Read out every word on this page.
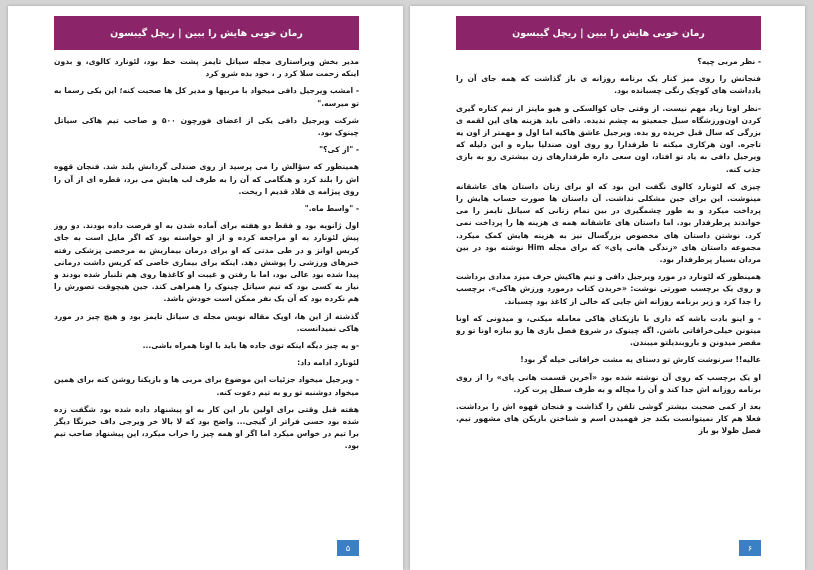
رمان خوبی هایش را ببین | ریچل گیبسون

مدیر بخش ویراستاری مجله سیاتل تایمز پشت خط بود، لئونارد کالوی، و بدون اینکه زحمت سلا کرد ر ، خود بده شرو کرد

- امشب ویرجیل دافی میخواد با مربیها و مدیر کل ها صحبت کنه؛ این یکی رسما به تو میرسه."

شرکت ویرجیل دافی یکی از اعضای فورچون ۵۰۰ و صاحب تیم هاکی سیاتل چینوک بود.

- "از کی؟"

همینطور که سؤالش را می پرسید از روی صندلی گردانش بلند شد. فنجان قهوه اش را بلند کرد و هنگامی که آن را به طرف لب هایش می برد، قطره ای از آن را روی پیژامه ی فلاد قدیم ا ریخت.

- "واسط ماه."

اول ژانویه بود و فقط دو هفته برای آماده شدن به او فرصت داده بودند. دو روز پیش لئونارد به او مراجعه کرده و از او خواسته بود که اگر مایل است به جای کریس اوانز و در طی مدتی که او برای درمان بیماریش به مرخصی پزشکی رفته خبرهای ورزشی را پوشش دهد. اینکه برای بیماری خاصی که کریس داشت درمانی پیدا شده بود عالی بود، اما با رفتن و غیبت او کاغذها روی هم تلنبار شده بودند و نیاز به کسی بود که تیم سیاتل چینوک را همراهی کند. جین هیچوقت تصورش را هم نکرده بود که آن یک نفر ممکن است خودش باشد.

گذشته از این ها، اوپک مقاله نویس مجله ی سیاتل تایمز بود و هیچ چیز در مورد هاکی نمیدانست.

-و یه چیز دیگه اینکه توی جاده ها باید با اونا همراه باشی...

لئونارد ادامه داد:

- ویرجیل میخواد جزئیات این موضوع برای مربی ها و بازیکنا روشن کنه برای همین میخواد دوشنبه تو رو به تیم دعوت کنه.

هفته قبل وقتی برای اولین بار این کار به او پیشنهاد داده شده بود شگفت زده شده بود حسی فراتر از گیجی... واضح بود که لا بالا خر ویرجی داف خبرنگا دیگر برا تیم در خواس میکرد اما اگر او همه چیز را خراب میکرد، این پیشنهاد صاحب تیم بود.

۵
رمان خوبی هایش را ببین | ریچل گیبسون

- نظر مربی چیه؟

فنجانش را روی میز کنار یک برنامه روزانه ی باز گذاشت که همه جای آن را یادداشت های کوچک رنگی چسبانده بود.

-نظر اونا زیاد مهم نیست. از وقتی جان کوالسکی و هیو ماینز از تیم کناره گیری کردن اون‌ورزشگاه سیل جمعیتو به چشم ندیده. دافی باید هزینه های این لقمه ی بزرگی که سال قبل خریده رو بده. ویرجیل عاشق هاکیه اما اول و مهمتر از اون یه تاجره. اون هرکاری میکنه تا طرفدارا رو روی اون صندلیا بیاره و این دلیله که ویرجیل دافی به یاد تو افتاد، اون سعی داره طرفدارهای زن بیشتری رو به بازی جذب کنه.

چیزی که لئونارد کالوی نگفت این بود که او برای زنان داستان های عاشقانه مینوشت. این برای جین مشکلی نداشت. آن داستان ها صورت حساب هایش را پرداخت میکرد و به طور چشمگیری در بین تمام زنانی که سیاتل تایمز را می خواندند پرطرفدار بود. اما داستان های عاشقانه همه ی هزینه ها را پرداخت نمی کرد. نوشتن داستان های مخصوص بزرگسال نیز به هزینه هایش کمک میکرد. مجموعه داستان های «زندگی هانی پای» که برای مجله Him نوشته بود در بین مردان بسیار پرطرفدار بود.

همینطور که لئونارد در مورد ویرجیل دافی و تیم هاکیش حرف میزد مدادی برداشت و روی یک برچسب صورتی نوشت: «خریدن کتاب درمورد ورزش هاکی». برچسب را جدا کرد و زیر برنامه روزانه اش جایی که خالی از کاغذ بود چسباند.

- و اینو بادت باشه که داری با بازیکنای هاکی معامله میکنی، و میدونی که اونا میتونن خیلی‌خرافاتی باشن. اگه چینوک در شروع فصل بازی ها رو ببازه اونا تو رو مقصر میدونن و باروبندیلتو میبندن.

عالیه!! سرنوشت کارش تو دستای یه مشت خرافاتی خیله گر بود!

او یک برچسب که روی آن نوشته شده بود «آخرین قسمت هانی پای» را از روی برنامه روزانه اش جدا کند و آن را مچاله و به طرف سطل پرت کرد.

بعد از کمی صحبت بیشتر گوشی تلفن را گذاشت و فنجان قهوه اش را برداشت. فعلا هم کار نمیتوانست بکند جز فهمیدن اسم و شناختن بازیکن های مشهور تیم. فصل ظولا بو باز

۶
